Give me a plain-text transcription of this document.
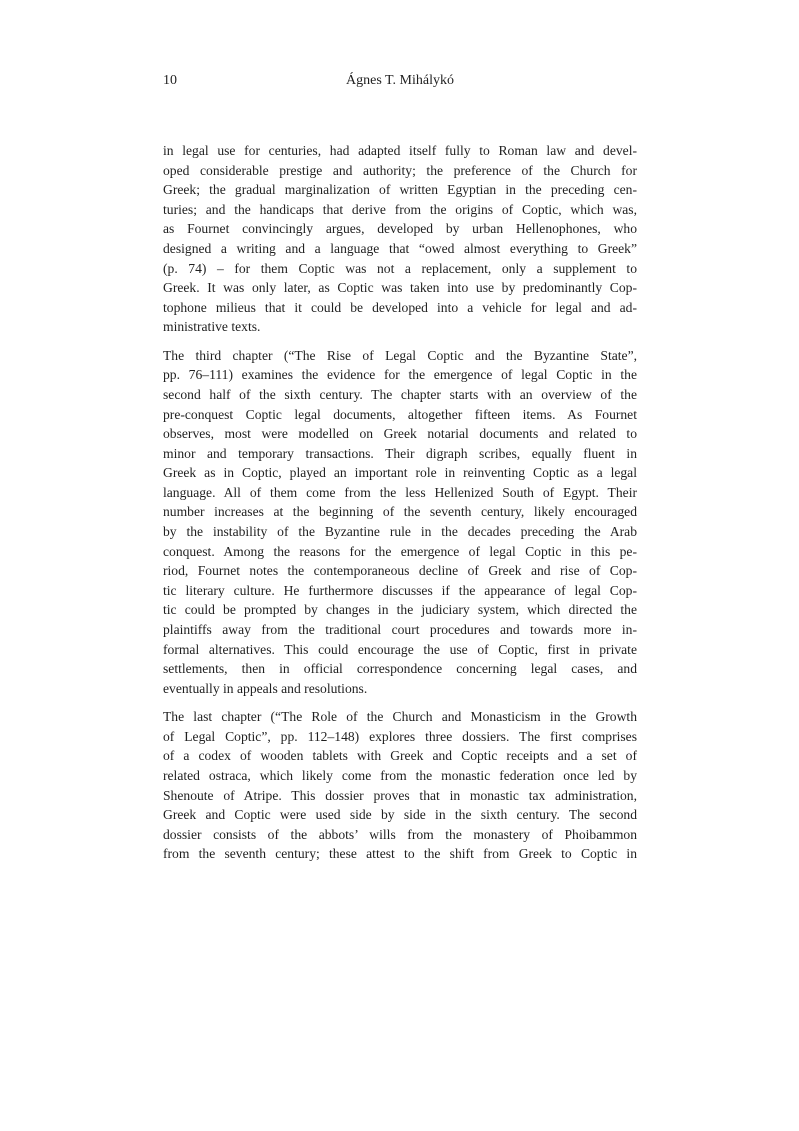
10	Ágnes T. Mihálykó
in legal use for centuries, had adapted itself fully to Roman law and devel-
oped considerable prestige and authority; the preference of the Church for
Greek; the gradual marginalization of written Egyptian in the preceding cen-
turies; and the handicaps that derive from the origins of Coptic, which was,
as Fournet convincingly argues, developed by urban Hellenophones, who
designed a writing and a language that “owed almost everything to Greek”
(p. 74) – for them Coptic was not a replacement, only a supplement to
Greek. It was only later, as Coptic was taken into use by predominantly Cop-
tophone milieus that it could be developed into a vehicle for legal and ad-
ministrative texts.
The third chapter (“The Rise of Legal Coptic and the Byzantine State”,
pp. 76–111) examines the evidence for the emergence of legal Coptic in the
second half of the sixth century. The chapter starts with an overview of the
pre-conquest Coptic legal documents, altogether fifteen items. As Fournet
observes, most were modelled on Greek notarial documents and related to
minor and temporary transactions. Their digraph scribes, equally fluent in
Greek as in Coptic, played an important role in reinventing Coptic as a legal
language. All of them come from the less Hellenized South of Egypt. Their
number increases at the beginning of the seventh century, likely encouraged
by the instability of the Byzantine rule in the decades preceding the Arab
conquest. Among the reasons for the emergence of legal Coptic in this pe-
riod, Fournet notes the contemporaneous decline of Greek and rise of Cop-
tic literary culture. He furthermore discusses if the appearance of legal Cop-
tic could be prompted by changes in the judiciary system, which directed the
plaintiffs away from the traditional court procedures and towards more in-
formal alternatives. This could encourage the use of Coptic, first in private
settlements, then in official correspondence concerning legal cases, and
eventually in appeals and resolutions.
The last chapter (“The Role of the Church and Monasticism in the Growth
of Legal Coptic”, pp. 112–148) explores three dossiers. The first comprises
of a codex of wooden tablets with Greek and Coptic receipts and a set of
related ostraca, which likely come from the monastic federation once led by
Shenoute of Atripe. This dossier proves that in monastic tax administration,
Greek and Coptic were used side by side in the sixth century. The second
dossier consists of the abbots’ wills from the monastery of Phoibammon
from the seventh century; these attest to the shift from Greek to Coptic in
